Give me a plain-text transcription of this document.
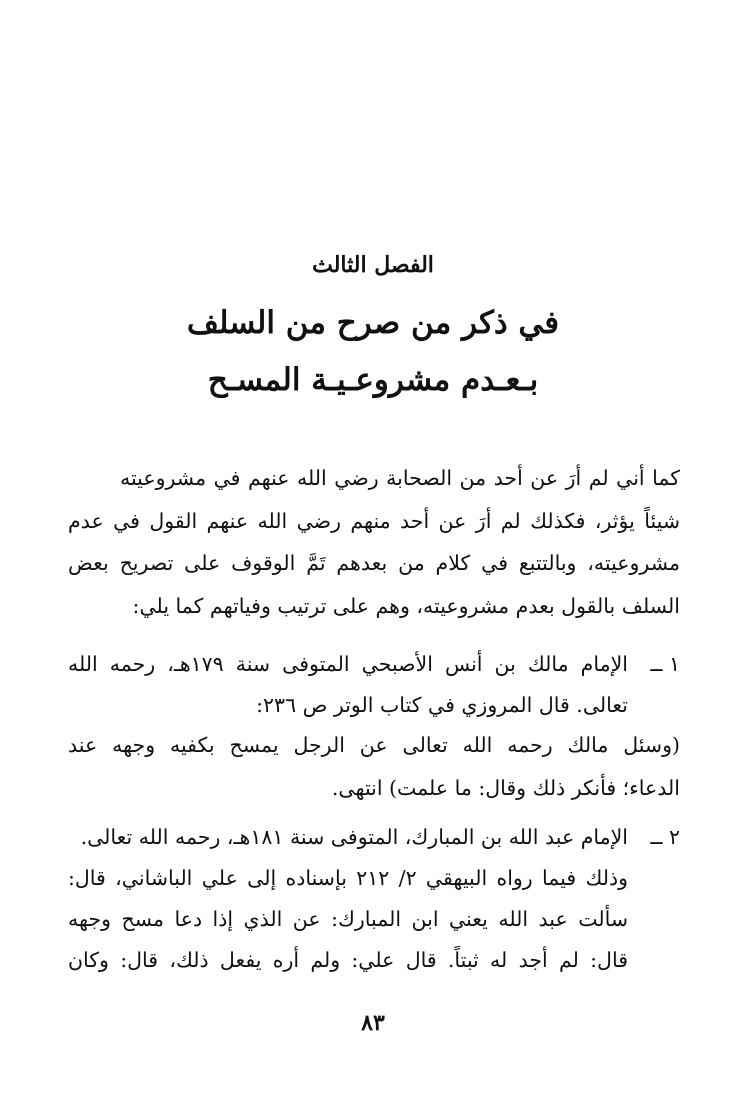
الفصل الثالث
في ذكر من صرح من السلف
بـعـدم مشروعـيـة المسـح
كما أني لم أرَ عن أحد من الصحابة رضي الله عنهم في مشروعيته
شيئاً يؤثر، فكذلك لم أرَ عن أحد منهم رضي الله عنهم القول في عدم
مشروعيته، وبالتتبع في كلام من بعدهم تَمَّ الوقوف على تصريح بعض
السلف بالقول بعدم مشروعيته، وهم على ترتيب وفياتهم كما يلي:
١ ــ
الإمام مالك بن أنس الأصبحي المتوفى سنة ١٧٩هـ، رحمه الله
تعالى. قال المروزي في كتاب الوتر ص ٢٣٦:
(وسئل مالك رحمه الله تعالى عن الرجل يمسح بكفيه وجهه عند
الدعاء؛ فأنكر ذلك وقال: ما علمت) انتهى.
٢ ــ
الإمام عبد الله بن المبارك، المتوفى سنة ١٨١هـ، رحمه الله تعالى.
وذلك فيما رواه البيهقي ٢/ ٢١٢ بإسناده إلى علي الباشاني، قال:
سألت عبد الله يعني ابن المبارك: عن الذي إذا دعا مسح وجهه
قال: لم أجد له ثبتاً. قال علي: ولم أره يفعل ذلك، قال: وكان
٨٣
